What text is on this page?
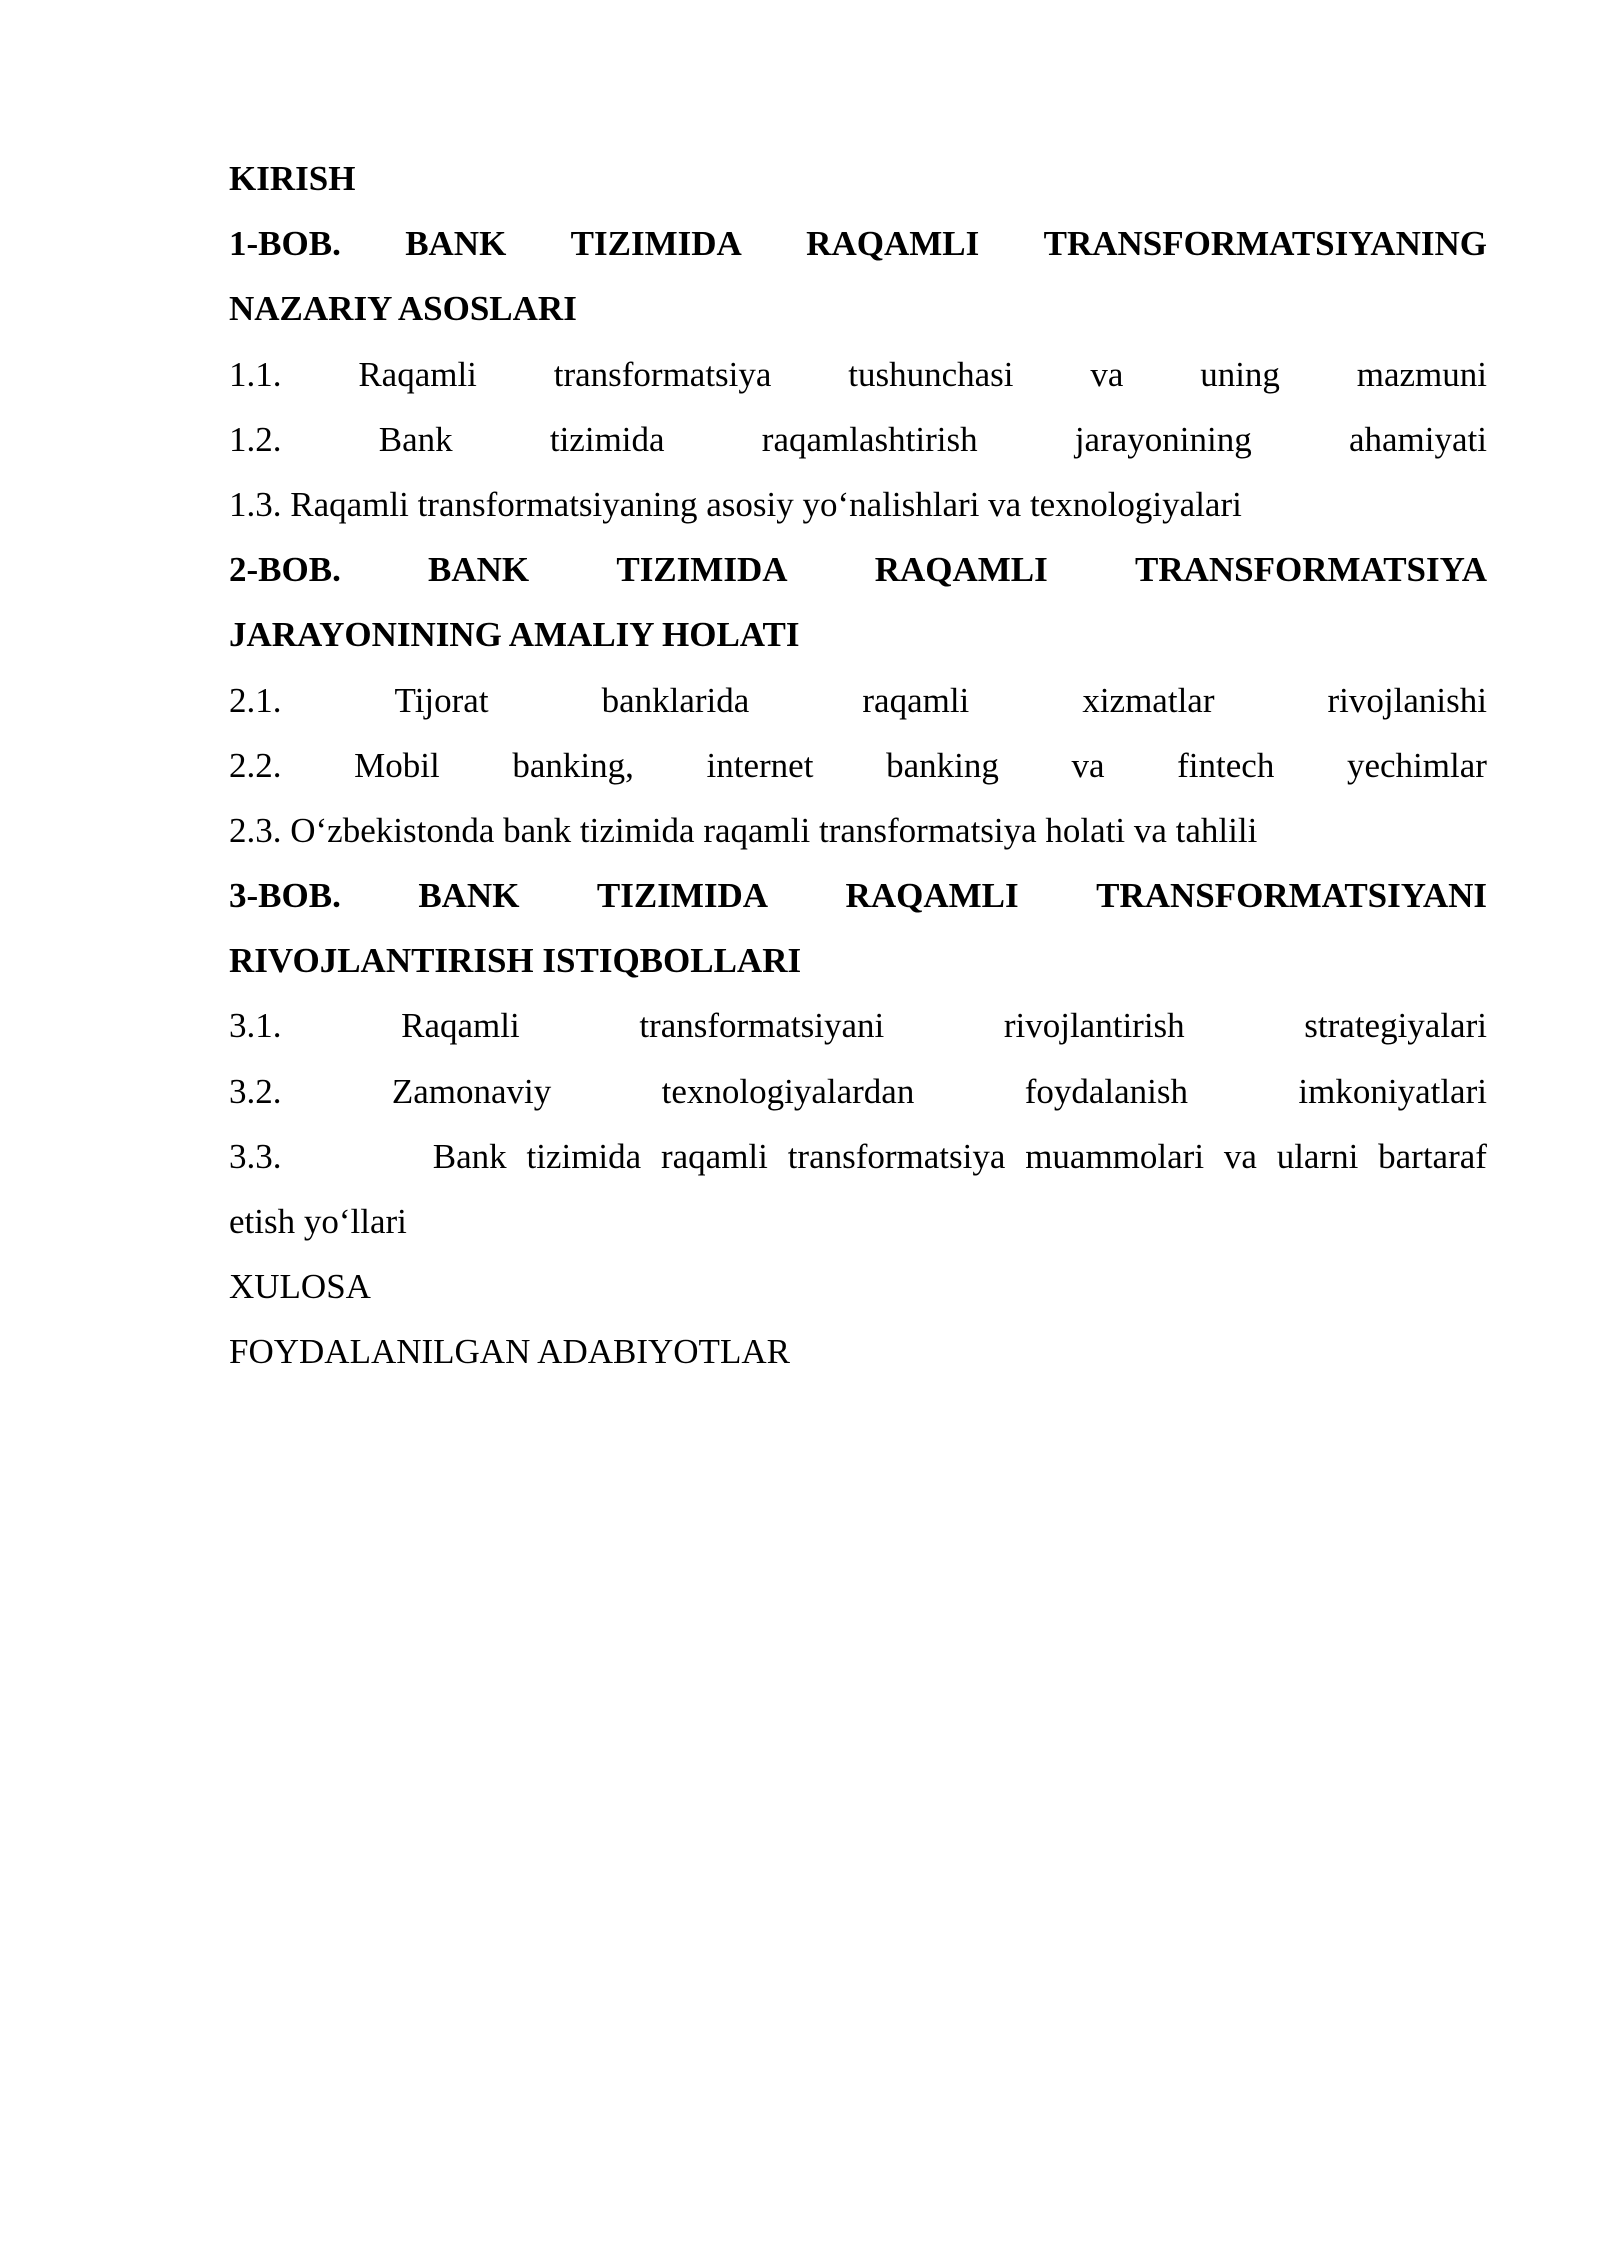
KIRISH
1-BOB. BANK TIZIMIDA RAQAMLI TRANSFORMATSIYANING
NAZARIY ASOSLARI
1.1. Raqamli transformatsiya tushunchasi va uning mazmuni
1.2.	Bank	tizimida	raqamlashtirish	jarayonining	ahamiyati
1.3. Raqamli transformatsiyaning asosiy yo‘nalishlari va texnologiyalari
2-BOB. BANK TIZIMIDA RAQAMLI TRANSFORMATSIYA
JARAYONINING AMALIY HOLATI
2.1.	Tijorat	banklarida	raqamli	xizmatlar	rivojlanishi
2.2. Mobil banking, internet banking va fintech yechimlar
2.3. O‘zbekistonda bank tizimida raqamli transformatsiya holati va tahlili
3-BOB. BANK TIZIMIDA RAQAMLI TRANSFORMATSIYANI
RIVOJLANTIRISH ISTIQBOLLARI
3.1.	Raqamli	transformatsiyani	rivojlantirish	strategiyalari
3.2.	Zamonaviy	texnologiyalardan	foydalanish	imkoniyatlari
3.3.	Bank tizimida raqamli transformatsiya muammolari va ularni bartaraf
etish yo‘llari
XULOSA
FOYDALANILGAN ADABIYOTLAR
